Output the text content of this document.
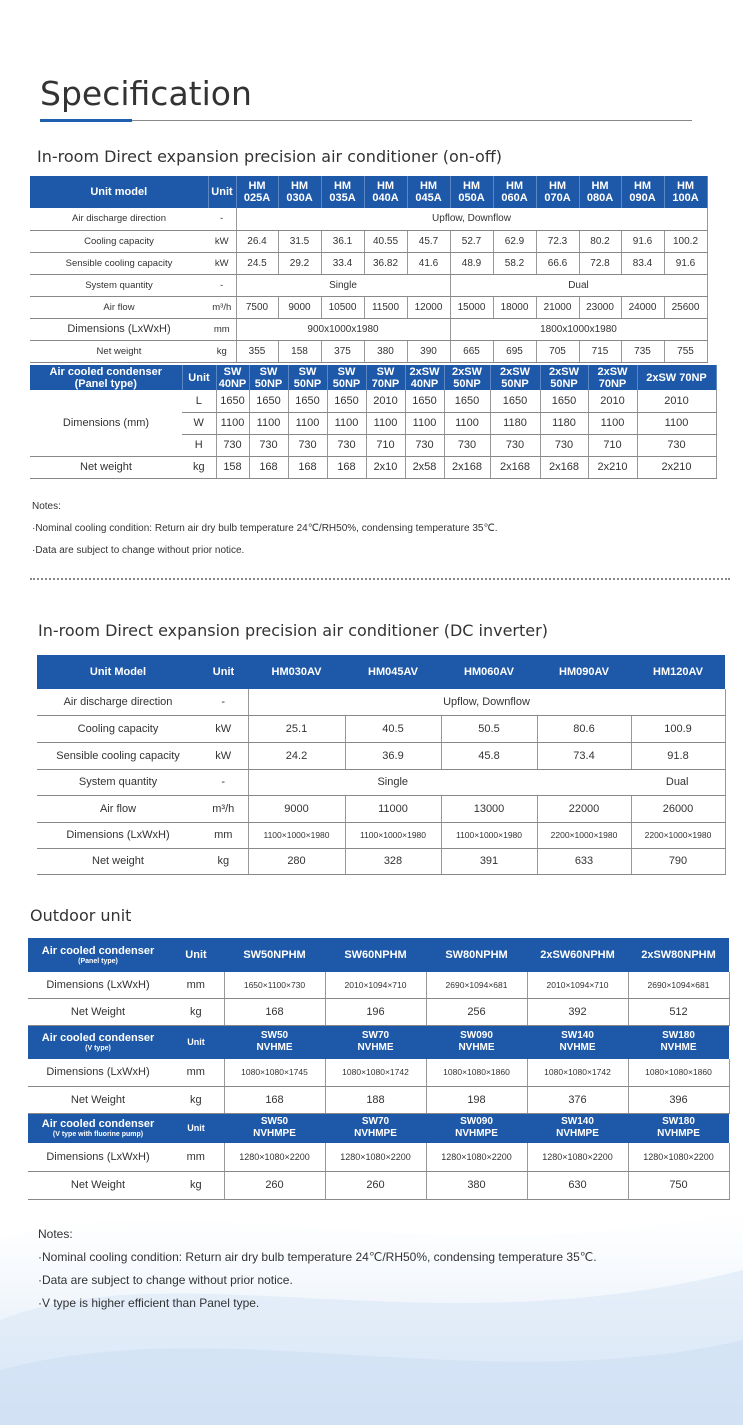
Specification
In-room Direct expansion precision air conditioner (on-off)
Unit model	Unit	HM 025A	HM 030A	HM 035A	HM 040A	HM 045A	HM 050A	HM 060A	HM 070A	HM 080A	HM 090A	HM 100A
Air discharge direction	-	Upflow, Downflow										
Cooling capacity	kW	26.4	31.5	36.1	40.55	45.7	52.7	62.9	72.3	80.2	91.6	100.2
Sensible cooling capacity	kW	24.5	29.2	33.4	36.82	41.6	48.9	58.2	66.6	72.8	83.4	91.6
System quantity	-	Single					Dual					
Air flow	m³/h	7500	9000	10500	11500	12000	15000	18000	21000	23000	24000	25600
Dimensions (LxWxH)	mm	900x1000x1980					1800x1000x1980					
Net weight	kg	355	158	375	380	390	665	695	705	715	735	755
Air cooled condenser (Panel type)	Unit	SW 40NP	SW 50NP	SW 50NP	SW 50NP	SW 70NP	2xSW 40NP	2xSW 50NP	2xSW 50NP	2xSW 50NP	2xSW 70NP	2xSW 70NP
Dimensions (mm)	L	1650	1650	1650	1650	2010	1650	1650	1650	1650	2010	2010
	W	1100	1100	1100	1100	1100	1100	1100	1180	1180	1100	1100
	H	730	730	730	730	710	730	730	730	730	710	730
Net weight	kg	158	168	168	168	2x10	2x58	2x168	2x168	2x168	2x210	2x210
Notes:
·Nominal cooling condition: Return air dry bulb temperature 24℃/RH50%, condensing temperature 35℃.
·Data are subject to change without prior notice.
In-room Direct expansion precision air conditioner (DC inverter)
Unit Model	Unit	HM030AV	HM045AV	HM060AV	HM090AV	HM120AV
Air discharge direction	-	Upflow, Downflow				
Cooling capacity	kW	25.1	40.5	50.5	80.6	100.9
Sensible cooling capacity	kW	24.2	36.9	45.8	73.4	91.8
System quantity	-	Single			Dual	
Air flow	m³/h	9000	11000	13000	22000	26000
Dimensions (LxWxH)	mm	1100×1000×1980	1100×1000×1980	1100×1000×1980	2200×1000×1980	2200×1000×1980
Net weight	kg	280	328	391	633	790
Outdoor unit
Air cooled condenser
(Panel type)	Unit	SW50NPHM	SW60NPHM	SW80NPHM	2xSW60NPHM	2xSW80NPHM
Dimensions (LxWxH)	mm	1650×1100×730	2010×1094×710	2690×1094×681	2010×1094×710	2690×1094×681
Net Weight	kg	168	196	256	392	512
Air cooled condenser
(V type)	Unit	SW50 NVHME	SW70 NVHME	SW090 NVHME	SW140 NVHME	SW180 NVHME
Dimensions (LxWxH)	mm	1080×1080×1745	1080×1080×1742	1080×1080×1860	1080×1080×1742	1080×1080×1860
Net Weight	kg	168	188	198	376	396
Air cooled condenser
(V type with fluorine pump)	Unit	SW50 NVHMPE	SW70 NVHMPE	SW090 NVHMPE	SW140 NVHMPE	SW180 NVHMPE
Dimensions (LxWxH)	mm	1280×1080×2200	1280×1080×2200	1280×1080×2200	1280×1080×2200	1280×1080×2200
Net Weight	kg	260	260	380	630	750
Notes:
·Nominal cooling condition: Return air dry bulb temperature 24℃/RH50%, condensing temperature 35℃.
·Data are subject to change without prior notice.
·V type is higher efficient than Panel type.
